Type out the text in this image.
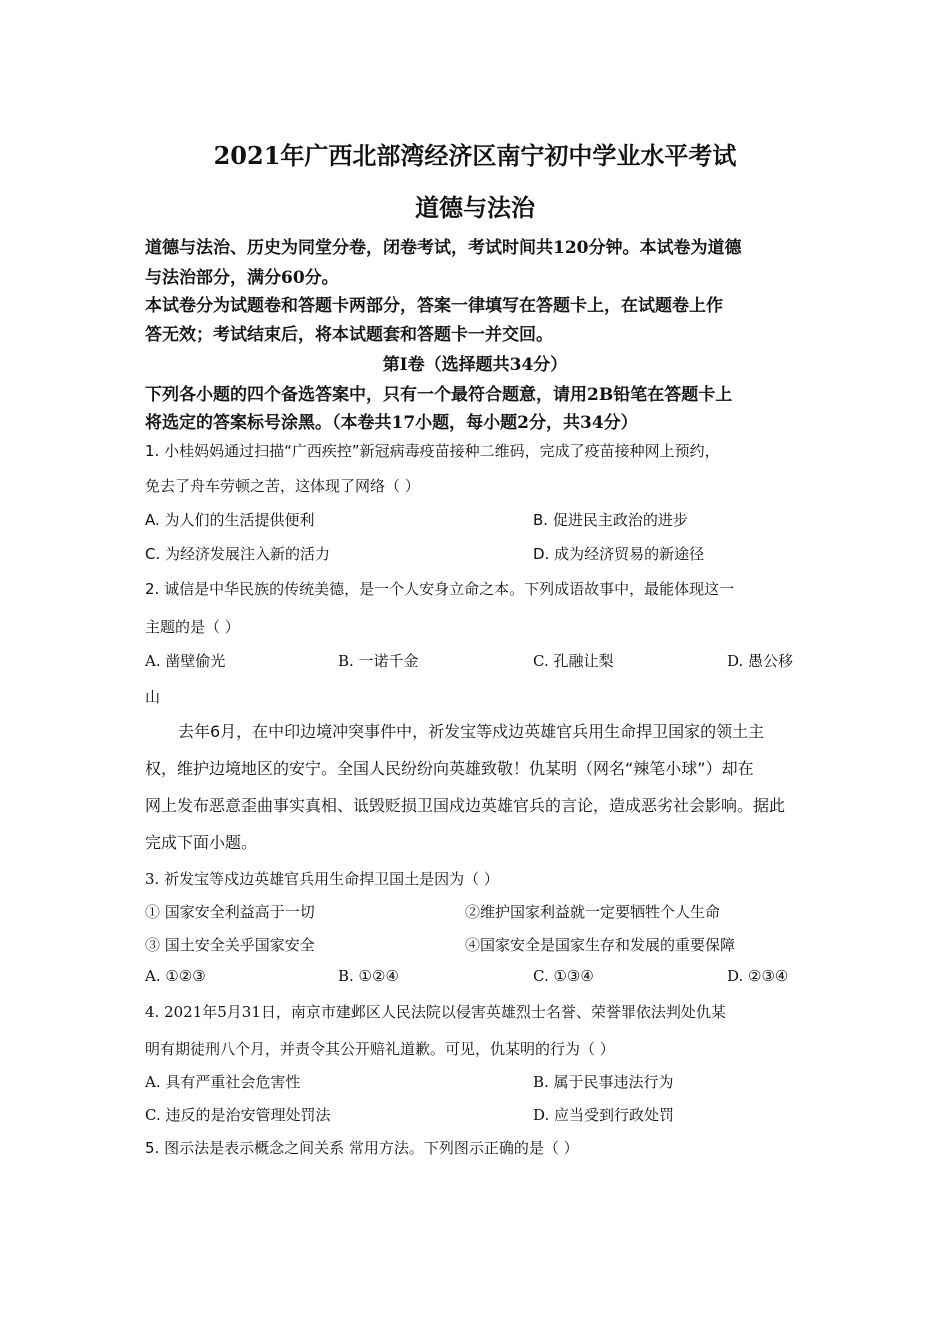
2021年广西北部湾经济区南宁初中学业水平考试
道德与法治
道德与法治、历史为同堂分卷，闭卷考试，考试时间共120分钟。本试卷为道德
与法治部分，满分60分。
本试卷分为试题卷和答题卡两部分，答案一律填写在答题卡上，在试题卷上作
答无效；考试结束后，将本试题套和答题卡一并交回。
第Ⅰ卷（选择题共34分）
下列各小题的四个备选答案中，只有一个最符合题意，请用2B铅笔在答题卡上
将选定的答案标号涂黑。（本卷共17小题，每小题2分，共34分）
1. 小桂妈妈通过扫描“广西疾控”新冠病毒疫苗接种二维码，完成了疫苗接种网上预约，
免去了舟车劳顿之苦，这体现了网络（ ）
A. 为人们的生活提供便利	B. 促进民主政治的进步
C. 为经济发展注入新的活力	D. 成为经济贸易的新途径
2. 诚信是中华民族的传统美德，是一个人安身立命之本。下列成语故事中，最能体现这一
主题的是（ ）
A. 凿壁偷光	B. 一诺千金	C. 孔融让梨	D. 愚公移
山
去年6月，在中印边境冲突事件中，祈发宝等戍边英雄官兵用生命捍卫国家的领土主
权，维护边境地区的安宁。全国人民纷纷向英雄致敬！仇某明（网名“辣笔小球”）却在
网上发布恶意歪曲事实真相、诋毁贬损卫国戍边英雄官兵的言论，造成恶劣社会影响。据此
完成下面小题。
3. 祈发宝等戍边英雄官兵用生命捍卫国土是因为（ ）
① 国家安全利益高于一切	②维护国家利益就一定要牺牲个人生命
③ 国土安全关乎国家安全	④国家安全是国家生存和发展的重要保障
A. ①②③	B. ①②④	C. ①③④	D. ②③④
4. 2021年5月31日，南京市建邺区人民法院以侵害英雄烈士名誉、荣誉罪依法判处仇某
明有期徒刑八个月，并责令其公开赔礼道歉。可见，仇某明的行为（ ）
A. 具有严重社会危害性	B. 属于民事违法行为
C. 违反的是治安管理处罚法	D. 应当受到行政处罚
5. 图示法是表示概念之间关系 常用方法。下列图示正确的是（ ）
